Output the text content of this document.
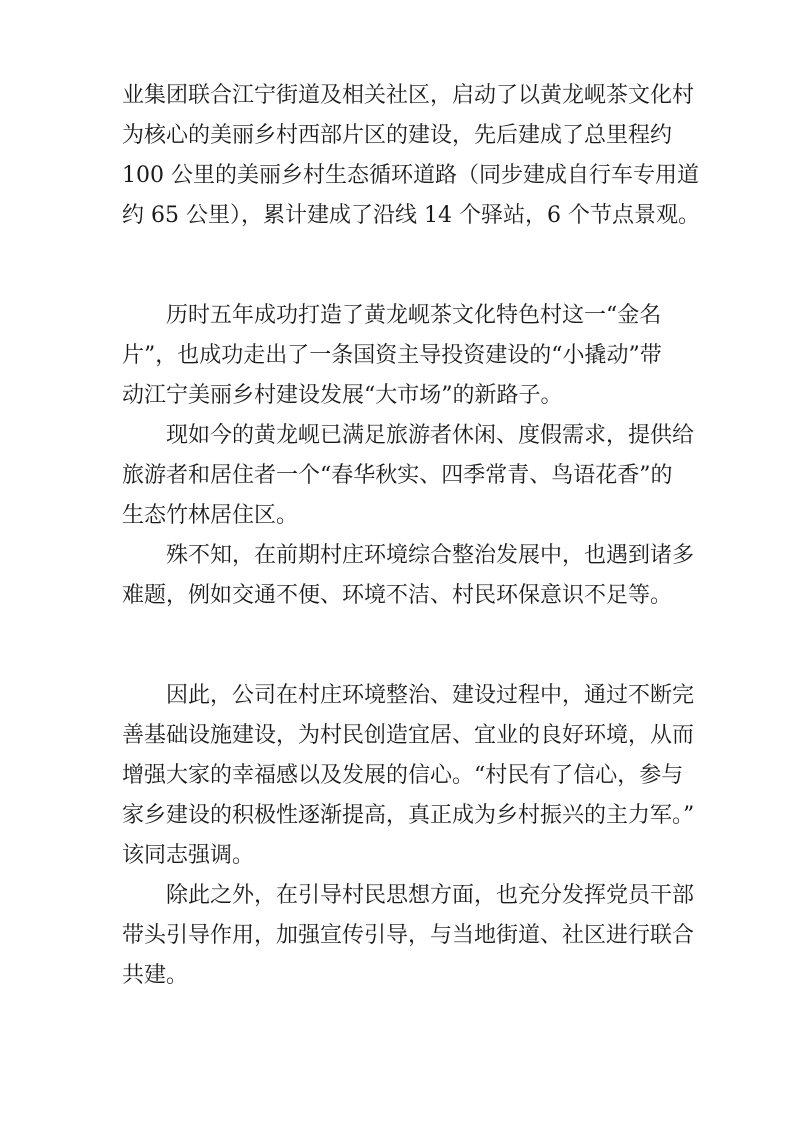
业集团联合江宁街道及相关社区，启动了以黄龙岘茶文化村
为核心的美丽乡村西部片区的建设，先后建成了总里程约
100 公里的美丽乡村生态循环道路（同步建成自行车专用道
约 65 公里），累计建成了沿线 14 个驿站，6 个节点景观。
历时五年成功打造了黄龙岘茶文化特色村这一“金名
片”，也成功走出了一条国资主导投资建设的“小撬动”带
动江宁美丽乡村建设发展“大市场”的新路子。
现如今的黄龙岘已满足旅游者休闲、度假需求，提供给
旅游者和居住者一个“春华秋实、四季常青、鸟语花香”的
生态竹林居住区。
殊不知，在前期村庄环境综合整治发展中，也遇到诸多
难题，例如交通不便、环境不洁、村民环保意识不足等。
因此，公司在村庄环境整治、建设过程中，通过不断完
善基础设施建设，为村民创造宜居、宜业的良好环境，从而
增强大家的幸福感以及发展的信心。“村民有了信心，参与
家乡建设的积极性逐渐提高，真正成为乡村振兴的主力军。”
该同志强调。
除此之外，在引导村民思想方面，也充分发挥党员干部
带头引导作用，加强宣传引导，与当地街道、社区进行联合
共建。
